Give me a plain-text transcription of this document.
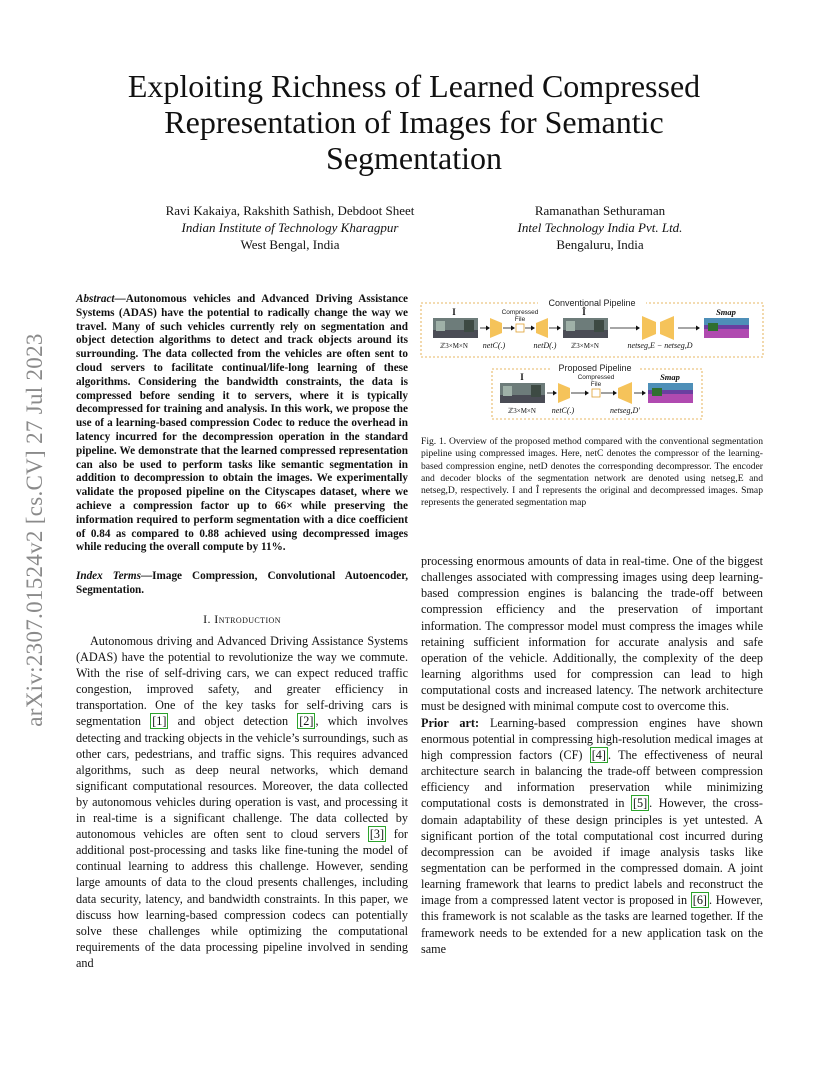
arXiv:2307.01524v2 [cs.CV] 27 Jul 2023
Exploiting Richness of Learned Compressed Representation of Images for Semantic Segmentation
Ravi Kakaiya, Rakshith Sathish, Debdoot Sheet
Indian Institute of Technology Kharagpur
West Bengal, India
Ramanathan Sethuraman
Intel Technology India Pvt. Ltd.
Bengaluru, India
Abstract—Autonomous vehicles and Advanced Driving Assistance Systems (ADAS) have the potential to radically change the way we travel. Many of such vehicles currently rely on segmentation and object detection algorithms to detect and track objects around its surrounding. The data collected from the vehicles are often sent to cloud servers to facilitate continual/life-long learning of these algorithms. Considering the bandwidth constraints, the data is compressed before sending it to servers, where it is typically decompressed for training and analysis. In this work, we propose the use of a learning-based compression Codec to reduce the overhead in latency incurred for the decompression operation in the standard pipeline. We demonstrate that the learned compressed representation can also be used to perform tasks like semantic segmentation in addition to decompression to obtain the images. We experimentally validate the proposed pipeline on the Cityscapes dataset, where we achieve a compression factor up to 66× while preserving the information required to perform segmentation with a dice coefficient of 0.84 as compared to 0.88 achieved using decompressed images while reducing the overall compute by 11%.
Index Terms—Image Compression, Convolutional Autoencoder, Segmentation.
I. Introduction
Autonomous driving and Advanced Driving Assistance Systems (ADAS) have the potential to revolutionize the way we commute. With the rise of self-driving cars, we can expect reduced traffic congestion, improved safety, and greater efficiency in transportation. One of the key tasks for self-driving cars is segmentation [1] and object detection [2] , which involves detecting and tracking objects in the vehicle’s surroundings, such as other cars, pedestrians, and traffic signs. This requires advanced algorithms, such as deep neural networks, which demand significant computational resources. Moreover, the data collected by autonomous vehicles during operation is vast, and processing it in real-time is a significant challenge. The data collected by autonomous vehicles are often sent to cloud servers [3] for additional post-processing and tasks like fine-tuning the model of continual learning to address this challenge. However, sending large amounts of data to the cloud presents challenges, including data security, latency, and bandwidth constraints. In this paper, we discuss how learning-based compression codecs can potentially solve these challenges while optimizing the computational requirements of the data processing pipeline involved in sending and
Conventional Pipeline
I
ℤ3×M×N netC(.)
Compressed
File
netD(.)
Î
ℤ3×M×N	netseg,E − netseg,D
Smap
Proposed Pipeline
I
ℤ3×M×N netC(.)
Compressed
File
netseg,D'
Smap
Fig. 1. Overview of the proposed method compared with the conventional segmentation pipeline using compressed images. Here, netC denotes the compressor of the learning-based compression engine, netD denotes the corresponding decompressor. The encoder and decoder blocks of the segmentation network are denoted using netseg,E and netseg,D, respectively. I and Î represents the original and decompressed images. Smap represents the generated segmentation map
processing enormous amounts of data in real-time. One of the biggest challenges associated with compressing images using deep learning-based compression engines is balancing the trade-off between compression efficiency and the preservation of important information. The compressor model must compress the images while retaining sufficient information for accurate analysis and safe operation of the vehicle. Additionally, the complexity of the deep learning algorithms used for compression can lead to high computational costs and increased latency. The network architecture must be designed with minimal compute cost to overcome this.
Prior art: Learning-based compression engines have shown enormous potential in compressing high-resolution medical images at high compression factors (CF) [4] . The effectiveness of neural architecture search in balancing the trade-off between compression efficiency and information preservation while minimizing computational costs is demonstrated in [5] . However, the cross-domain adaptability of these design principles is yet untested. A significant portion of the total computational cost incurred during decompression can be avoided if image analysis tasks like segmentation can be performed in the compressed domain. A joint learning framework that learns to predict labels and reconstruct the image from a compressed latent vector is proposed in [6] . However, this framework is not scalable as the tasks are learned together. If the framework needs to be extended for a new application task on the same
